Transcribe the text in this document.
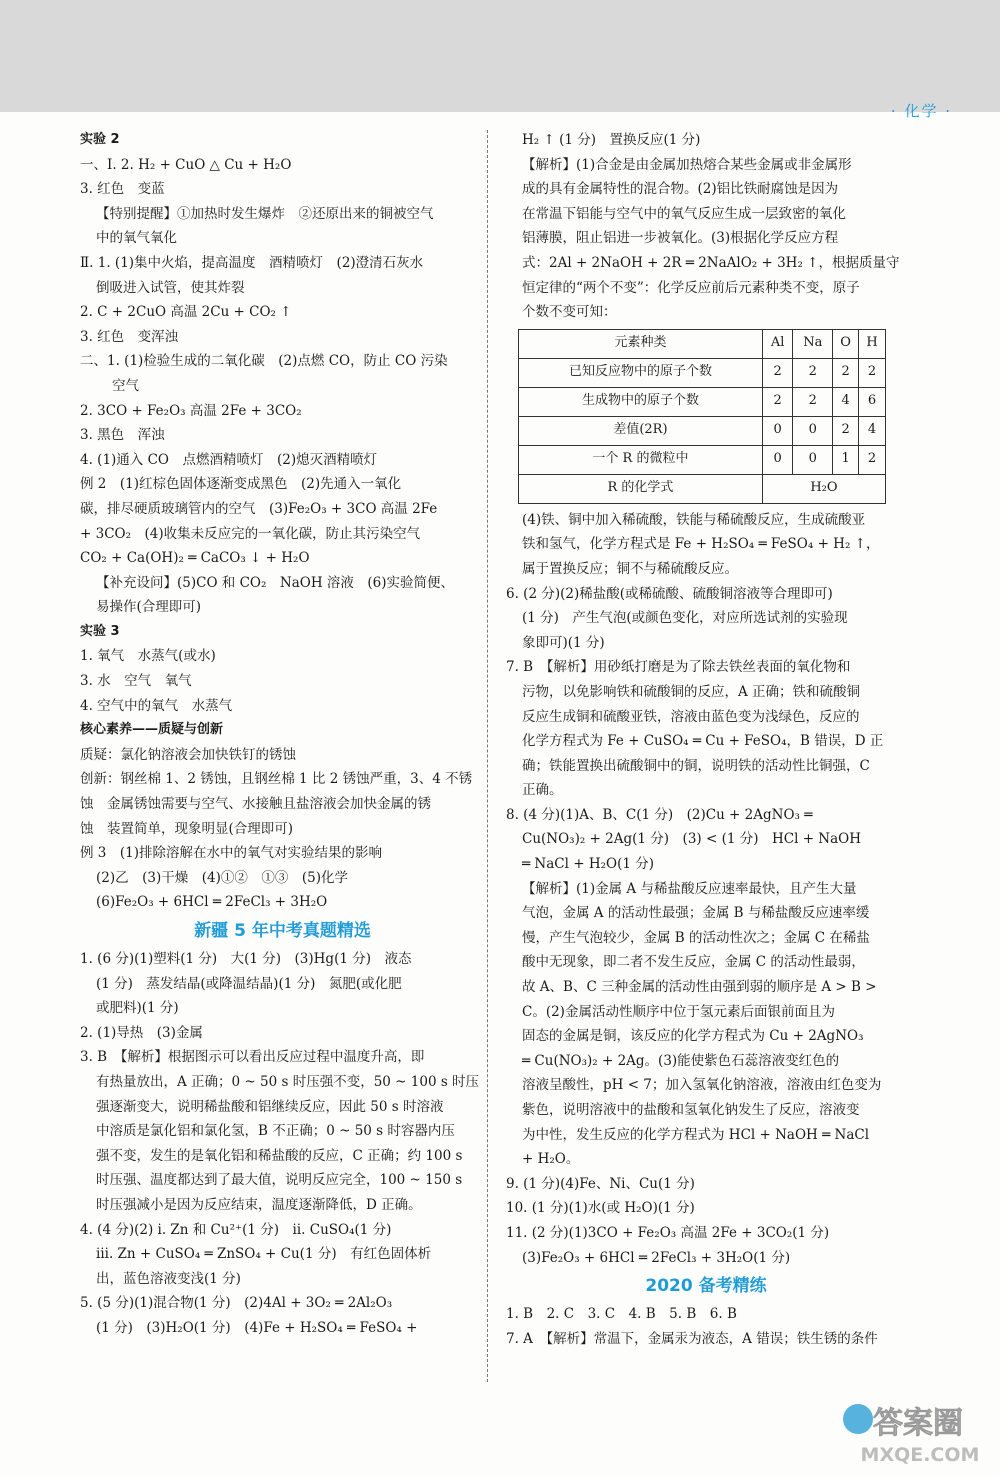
· 化学 ·
实验 2
一、Ⅰ. 2. H₂ + CuO △ Cu + H₂O
3. 红色　变蓝
【特别提醒】①加热时发生爆炸　②还原出来的铜被空气
中的氧气氧化
Ⅱ. 1. (1)集中火焰，提高温度　酒精喷灯　(2)澄清石灰水
倒吸进入试管，使其炸裂
2. C + 2CuO 高温 2Cu + CO₂ ↑
3. 红色　变浑浊
二、1. (1)检验生成的二氧化碳　(2)点燃 CO，防止 CO 污染
空气
2. 3CO + Fe₂O₃ 高温 2Fe + 3CO₂
3. 黑色　浑浊
4. (1)通入 CO　点燃酒精喷灯　(2)熄灭酒精喷灯
例 2　(1)红棕色固体逐渐变成黑色　(2)先通入一氧化
碳，排尽硬质玻璃管内的空气　(3)Fe₂O₃ + 3CO 高温 2Fe
+ 3CO₂　(4)收集未反应完的一氧化碳，防止其污染空气
CO₂ + Ca(OH)₂ ═ CaCO₃ ↓ + H₂O
【补充设问】(5)CO 和 CO₂　NaOH 溶液　(6)实验简便、
易操作(合理即可)
实验 3
1. 氧气　水蒸气(或水)
3. 水　空气　氧气
4. 空气中的氧气　水蒸气
核心素养——质疑与创新
质疑：氯化钠溶液会加快铁钉的锈蚀
创新：钢丝棉 1、2 锈蚀，且钢丝棉 1 比 2 锈蚀严重，3、4 不锈
蚀　金属锈蚀需要与空气、水接触且盐溶液会加快金属的锈
蚀　装置简单，现象明显(合理即可)
例 3　(1)排除溶解在水中的氧气对实验结果的影响
(2)乙　(3)干燥　(4)①②　①③　(5)化学
(6)Fe₂O₃ + 6HCl ═ 2FeCl₃ + 3H₂O
新疆 5 年中考真题精选
1. (6 分)(1)塑料(1 分)　大(1 分)　(3)Hg(1 分)　液态
(1 分)　蒸发结晶(或降温结晶)(1 分)　氮肥(或化肥
或肥料)(1 分)
2. (1)导热　(3)金属
3. B　【解析】根据图示可以看出反应过程中温度升高，即
有热量放出，A 正确；0 ~ 50 s 时压强不变，50 ~ 100 s 时压
强逐渐变大，说明稀盐酸和铝继续反应，因此 50 s 时溶液
中溶质是氯化铝和氯化氢，B 不正确；0 ~ 50 s 时容器内压
强不变，发生的是氧化铝和稀盐酸的反应，C 正确；约 100 s
时压强、温度都达到了最大值，说明反应完全，100 ~ 150 s
时压强减小是因为反应结束，温度逐渐降低，D 正确。
4. (4 分)(2) ⅰ. Zn 和 Cu²⁺(1 分)　ⅱ. CuSO₄(1 分)
ⅲ. Zn + CuSO₄ ═ ZnSO₄ + Cu(1 分)　有红色固体析
出，蓝色溶液变浅(1 分)
5. (5 分)(1)混合物(1 分)　(2)4Al + 3O₂ ═ 2Al₂O₃
(1 分)　(3)H₂O(1 分)　(4)Fe + H₂SO₄ ═ FeSO₄ +
H₂ ↑ (1 分)　置换反应(1 分)
【解析】(1)合金是由金属加热熔合某些金属或非金属形
成的具有金属特性的混合物。(2)铝比铁耐腐蚀是因为
在常温下铝能与空气中的氧气反应生成一层致密的氧化
铝薄膜，阻止铝进一步被氧化。(3)根据化学反应方程
式：2Al + 2NaOH + 2R ═ 2NaAlO₂ + 3H₂ ↑，根据质量守
恒定律的“两个不变”：化学反应前后元素种类不变，原子
个数不变可知：
元素种类	Al	Na	O	H
已知反应物中的原子个数	2	2	2	2
生成物中的原子个数	2	2	4	6
差值(2R)	0	0	2	4
一个 R 的微粒中	0	0	1	2
R 的化学式	H₂O			
(4)铁、铜中加入稀硫酸，铁能与稀硫酸反应，生成硫酸亚
铁和氢气，化学方程式是 Fe + H₂SO₄ ═ FeSO₄ + H₂ ↑，
属于置换反应；铜不与稀硫酸反应。
6. (2 分)(2)稀盐酸(或稀硫酸、硫酸铜溶液等合理即可)
(1 分)　产生气泡(或颜色变化，对应所选试剂的实验现
象即可)(1 分)
7. B　【解析】用砂纸打磨是为了除去铁丝表面的氧化物和
污物，以免影响铁和硫酸铜的反应，A 正确；铁和硫酸铜
反应生成铜和硫酸亚铁，溶液由蓝色变为浅绿色，反应的
化学方程式为 Fe + CuSO₄ ═ Cu + FeSO₄，B 错误，D 正
确；铁能置换出硫酸铜中的铜，说明铁的活动性比铜强，C
正确。
8. (4 分)(1)A、B、C(1 分)　(2)Cu + 2AgNO₃ ═
Cu(NO₃)₂ + 2Ag(1 分)　(3) < (1 分)　HCl + NaOH
═ NaCl + H₂O(1 分)
【解析】(1)金属 A 与稀盐酸反应速率最快，且产生大量
气泡，金属 A 的活动性最强；金属 B 与稀盐酸反应速率缓
慢，产生气泡较少，金属 B 的活动性次之；金属 C 在稀盐
酸中无现象，即二者不发生反应，金属 C 的活动性最弱，
故 A、B、C 三种金属的活动性由强到弱的顺序是 A > B >
C。(2)金属活动性顺序中位于氢元素后面银前面且为
固态的金属是铜，该反应的化学方程式为 Cu + 2AgNO₃
═ Cu(NO₃)₂ + 2Ag。(3)能使紫色石蕊溶液变红色的
溶液呈酸性，pH < 7；加入氢氧化钠溶液，溶液由红色变为
紫色，说明溶液中的盐酸和氢氧化钠发生了反应，溶液变
为中性，发生反应的化学方程式为 HCl + NaOH ═ NaCl
+ H₂O。
9. (1 分)(4)Fe、Ni、Cu(1 分)
10. (1 分)(1)水(或 H₂O)(1 分)
11. (2 分)(1)3CO + Fe₂O₃ 高温 2Fe + 3CO₂(1 分)
(3)Fe₂O₃ + 6HCl ═ 2FeCl₃ + 3H₂O(1 分)
2020 备考精练
1. B　2. C　3. C　4. B　5. B　6. B
7. A　【解析】常温下，金属汞为液态，A 错误；铁生锈的条件
答案圈
MXQE.COM
